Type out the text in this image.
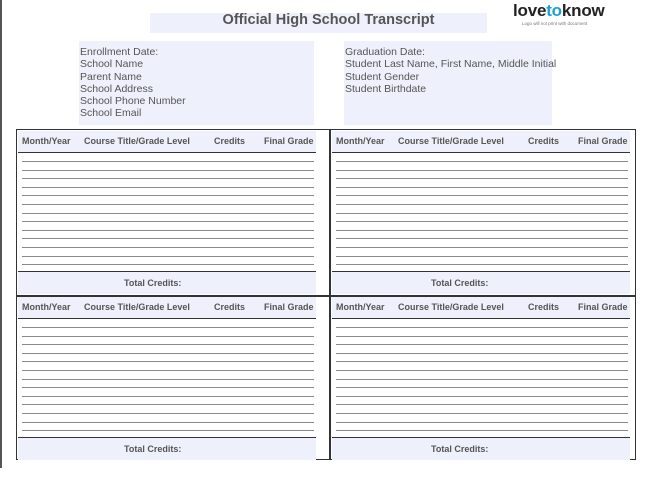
Official High School Transcript	lovetoknow
Logo will not print with document
Enrollment Date:
School Name
Parent Name
School Address
School Phone Number
School Email
Graduation Date:
Student Last Name, First Name, Middle Initial
Student Gender
Student Birthdate
Month/Year Course Title/Grade Level	Credits Final Grade
Total Credits:
Month/Year Course Title/Grade Level	Credits Final Grade
Total Credits:
Month/Year Course Title/Grade Level	Credits Final Grade
Total Credits:
Month/Year Course Title/Grade Level	Credits Final Grade
Total Credits:
